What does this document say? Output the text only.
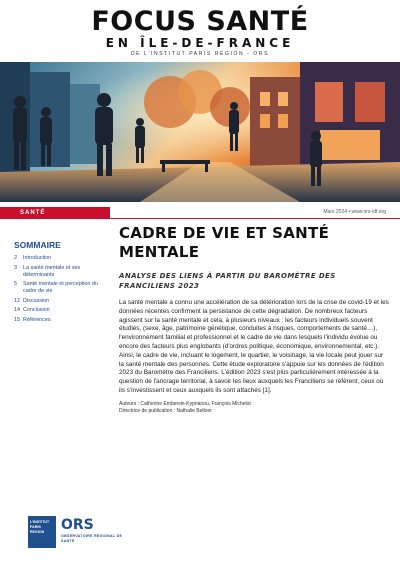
FOCUS SANTÉ
EN ÎLE-DE-FRANCE
DE L'INSTITUT PARIS RÉGION - ORS
SANTÉ	Mars 2024 • www.ors-idf.org
SOMMAIRE
2	Introduction
3	La santé mentale et ses déterminants
5	Santé mentale et perception du cadre de vie
12 Discussion
14 Conclusion
15 Références
CADRE DE VIE ET SANTÉ MENTALE
ANALYSE DES LIENS À PARTIR DU BAROMÈTRE DES FRANCILIENS 2023

La santé mentale a connu une accélération de sa détérioration lors de la crise de covid-19 et les données récentes confirment la persistance de cette dégradation. De nombreux facteurs agissent sur la santé mentale et cela, à plusieurs niveaux : les facteurs individuels souvent étudiés, (sexe, âge, patrimoine génétique, conduites à risques, comportements de santé…), l'environnement familial et professionnel et le cadre de vie dans lesquels l'individu évolue ou encore des facteurs plus englobants (d'ordres politique, économique, environnemental, etc.). Ainsi, le cadre de vie, incluant le logement, le quartier, le voisinage, la vie locale peut jouer sur la santé mentale des personnes. Cette étude exploratoire s'appuie sur les données de l'édition 2023 du Baromètre des Franciliens. L'édition 2023 s'est plus particulièrement intéressée à la question de l'ancrage territorial, à savoir les lieux auxquels les Franciliens se réfèrent, ceux où ils s'investissent et ceux auxquels ils sont attachés [1].

Auteurs : Catherine Embersin-Kyprianou, François Michelot
Directrice de publication : Nathalie Beltzer
L'INSTITUT PARIS REGION	ORS
OBSERVATOIRE RÉGIONAL DE SANTÉ
